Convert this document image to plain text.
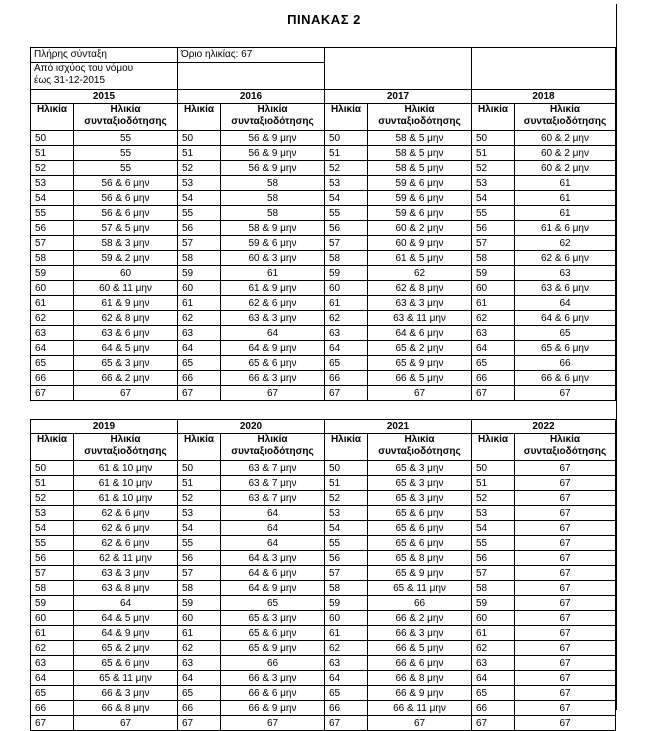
ΠΙΝΑΚΑΣ 2
Πλήρης σύνταξη		Όριο ηλικίας: 67					

Από ισχύος του νόμου
έως 31-12-2015							

2015		2016		2017		2018	
Ηλικία	Ηλικία συνταξιοδότησης	Ηλικία	Ηλικία συνταξιοδότησης	Ηλικία	Ηλικία συνταξιοδότησης	Ηλικία	Ηλικία συνταξιοδότησης
50	55	50	56 & 9 μην	50	58 & 5 μην	50	60 & 2 μην
51	55	51	56 & 9 μην	51	58 & 5 μην	51	60 & 2 μην
52	55	52	56 & 9 μην	52	58 & 5 μην	52	60 & 2 μην
53	56 & 6 μην	53	58	53	59 & 6 μην	53	61
54	56 & 6 μην	54	58	54	59 & 6 μην	54	61
55	56 & 6 μην	55	58	55	59 & 6 μην	55	61
56	57 & 5 μην	56	58 & 9 μην	56	60 & 2 μην	56	61 & 6 μην
57	58 & 3 μην	57	59 & 6 μην	57	60 & 9 μην	57	62
58	59 & 2 μην	58	60 & 3 μην	58	61 & 5 μην	58	62 & 6 μην
59	60	59	61	59	62	59	63
60	60 & 11 μην	60	61 & 9 μην	60	62 & 8 μην	60	63 & 6 μην
61	61 & 9 μην	61	62 & 6 μην	61	63 & 3 μην	61	64
62	62 & 8 μην	62	63 & 3 μην	62	63 & 11 μην	62	64 & 6 μην
63	63 & 6 μην	63	64	63	64 & 6 μην	63	65
64	64 & 5 μην	64	64 & 9 μην	64	65 & 2 μην	64	65 & 6 μην
65	65 & 3 μην	65	65 & 6 μην	65	65 & 9 μην	65	66
66	66 & 2 μην	66	66 & 3 μην	66	66 & 5 μην	66	66 & 6 μην
67	67	67	67	67	67	67	67

2019		2020		2021		2022	
Ηλικία	Ηλικία συνταξιοδότησης	Ηλικία	Ηλικία συνταξιοδότησης	Ηλικία	Ηλικία συνταξιοδότησης	Ηλικία	Ηλικία συνταξιοδότησης
50	61 & 10 μην	50	63 & 7 μην	50	65 & 3 μην	50	67
51	61 & 10 μην	51	63 & 7 μην	51	65 & 3 μην	51	67
52	61 & 10 μην	52	63 & 7 μην	52	65 & 3 μην	52	67
53	62 & 6 μην	53	64	53	65 & 6 μην	53	67
54	62 & 6 μην	54	64	54	65 & 6 μην	54	67
55	62 & 6 μην	55	64	55	65 & 6 μην	55	67
56	62 & 11 μην	56	64 & 3 μην	56	65 & 8 μην	56	67
57	63 & 3 μην	57	64 & 6 μην	57	65 & 9 μην	57	67
58	63 & 8 μην	58	64 & 9 μην	58	65 & 11 μην	58	67
59	64	59	65	59	66	59	67
60	64 & 5 μην	60	65 & 3 μην	60	66 & 2 μην	60	67
61	64 & 9 μην	61	65 & 6 μην	61	66 & 3 μην	61	67
62	65 & 2 μην	62	65 & 9 μην	62	66 & 5 μην	62	67
63	65 & 6 μην	63	66	63	66 & 6 μην	63	67
64	65 & 11 μην	64	66 & 3 μην	64	66 & 8 μην	64	67
65	66 & 3 μην	65	66 & 6 μην	65	66 & 9 μην	65	67
66	66 & 8 μην	66	66 & 9 μην	66	66 & 11 μην	66	67
67	67	67	67	67	67	67	67
